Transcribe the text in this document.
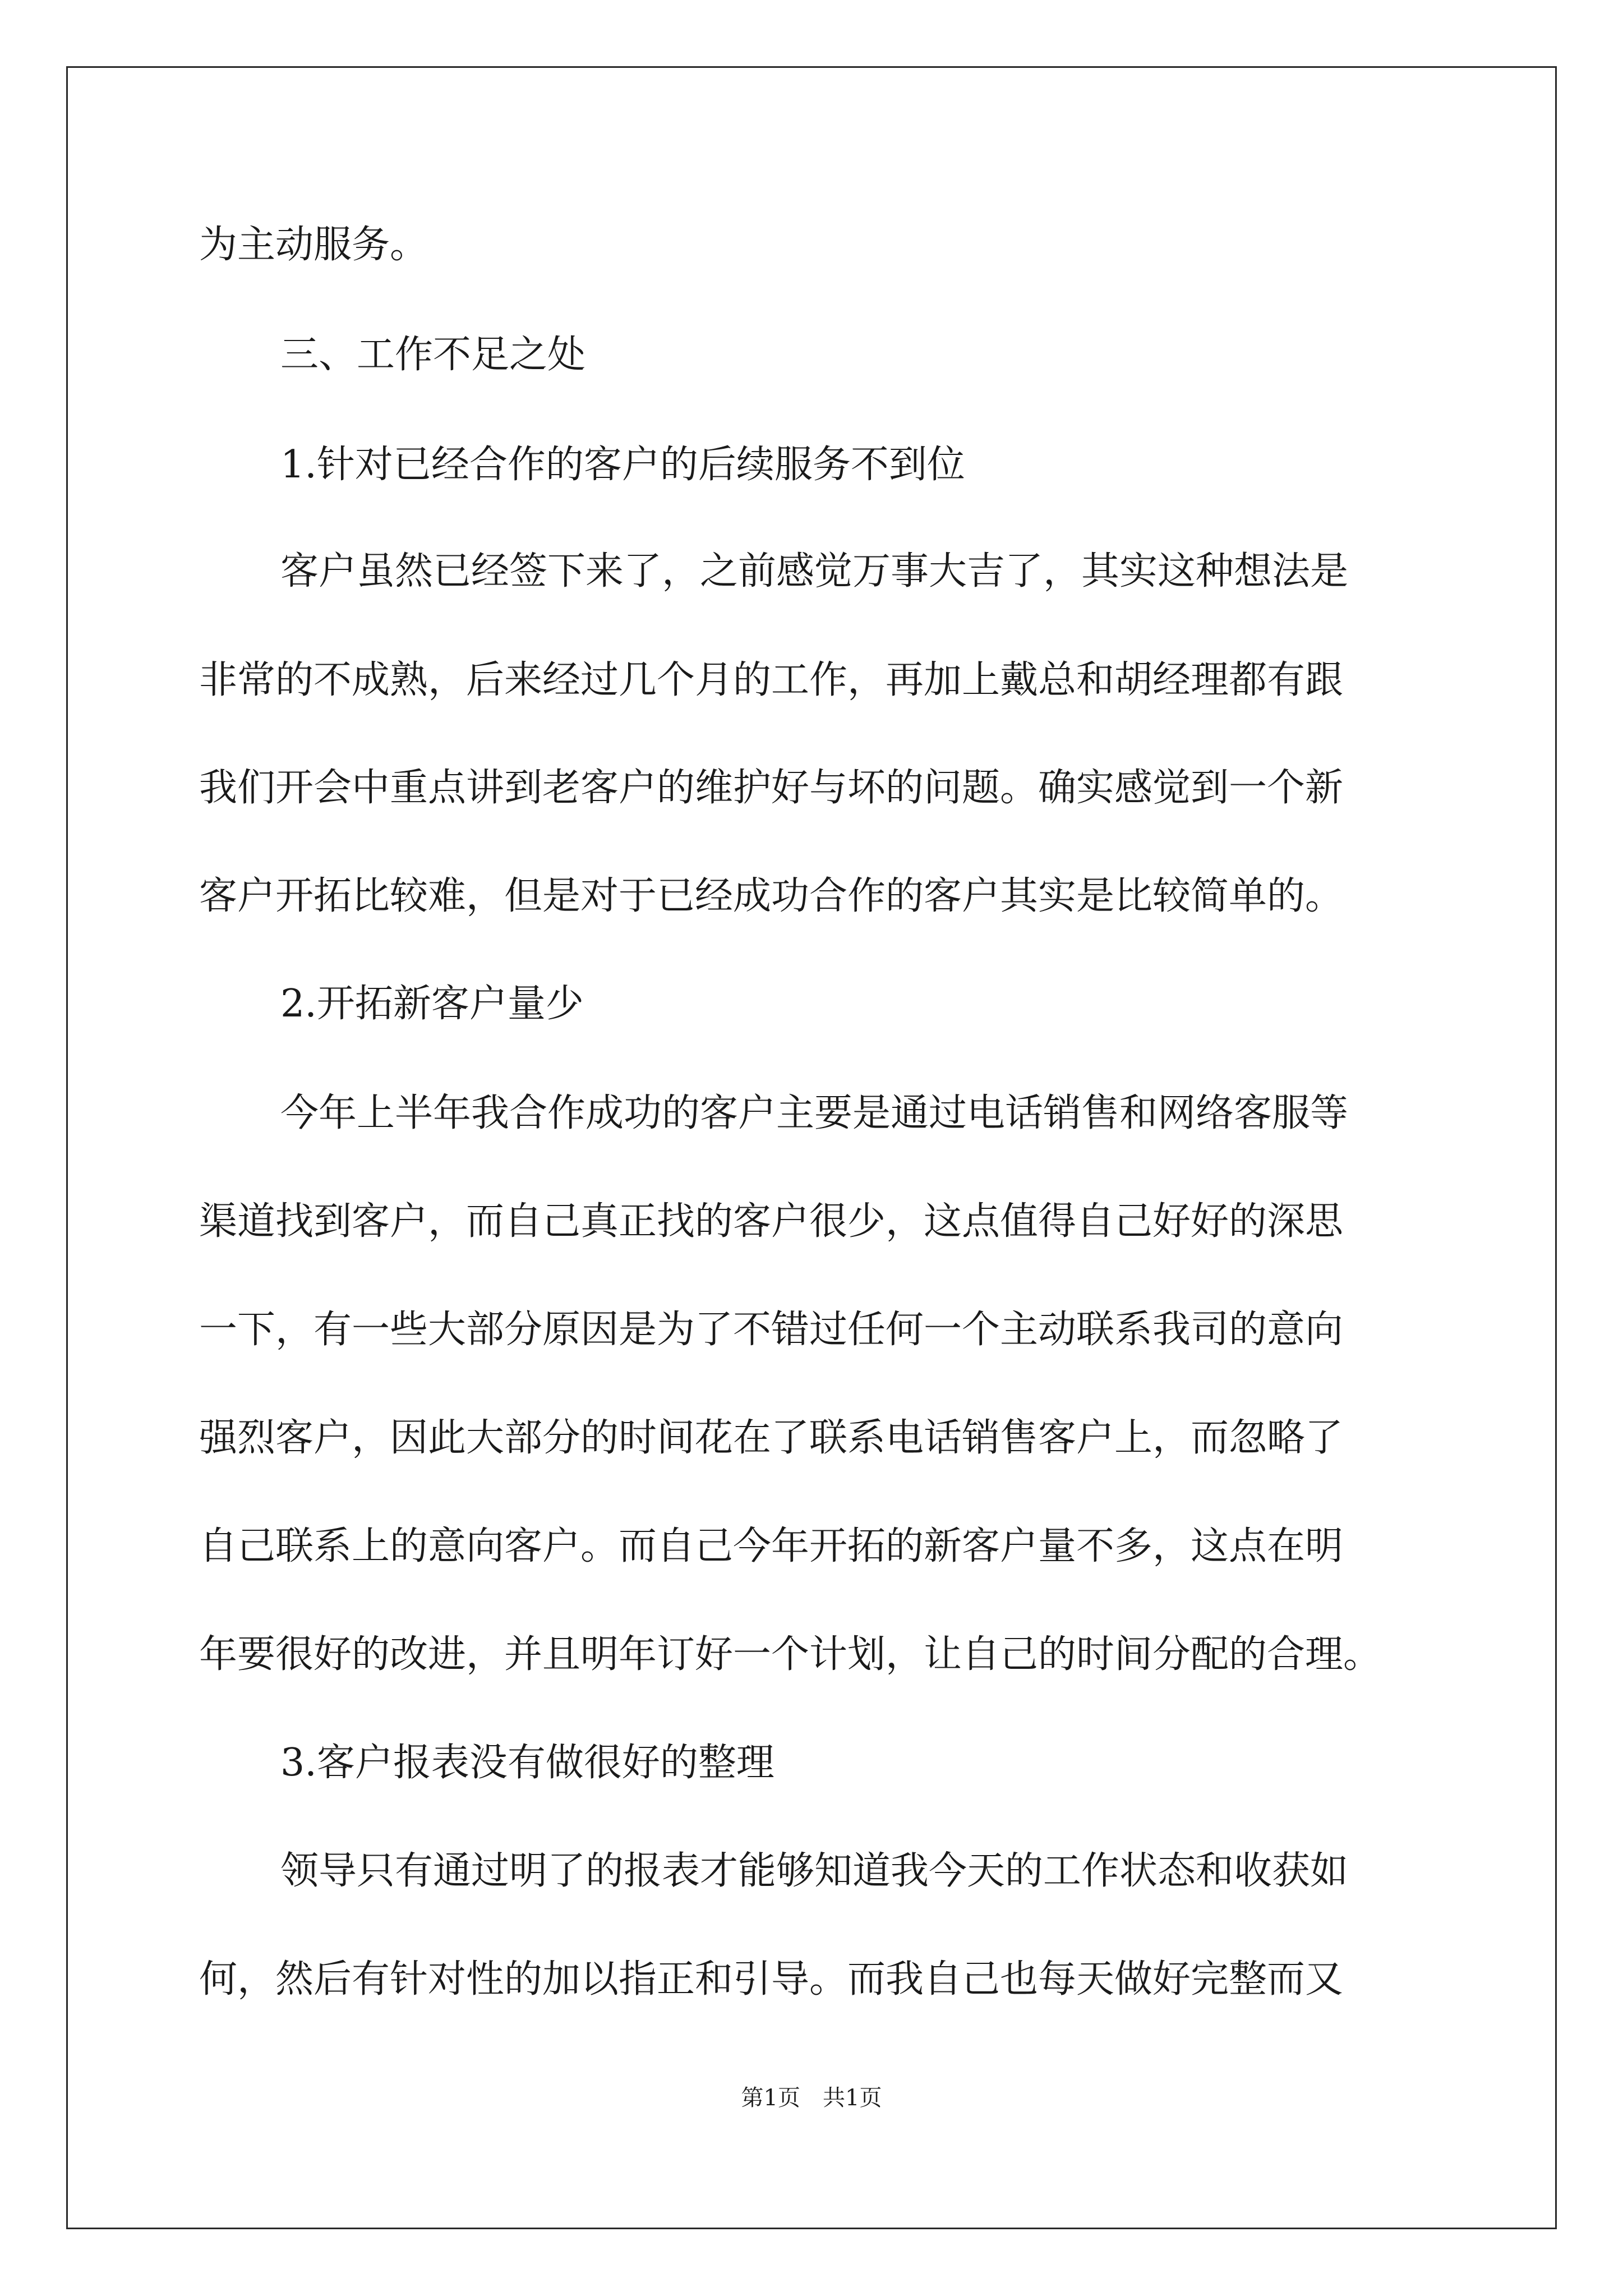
为主动服务。
三、工作不足之处
1.针对已经合作的客户的后续服务不到位
客户虽然已经签下来了，之前感觉万事大吉了，其实这种想法是
非常的不成熟，后来经过几个月的工作，再加上戴总和胡经理都有跟
我们开会中重点讲到老客户的维护好与坏的问题。确实感觉到一个新
客户开拓比较难，但是对于已经成功合作的客户其实是比较简单的。
2.开拓新客户量少
今年上半年我合作成功的客户主要是通过电话销售和网络客服等
渠道找到客户，而自己真正找的客户很少，这点值得自己好好的深思
一下，有一些大部分原因是为了不错过任何一个主动联系我司的意向
强烈客户，因此大部分的时间花在了联系电话销售客户上，而忽略了
自己联系上的意向客户。而自己今年开拓的新客户量不多，这点在明
年要很好的改进，并且明年订好一个计划，让自己的时间分配的合理。
3.客户报表没有做很好的整理
领导只有通过明了的报表才能够知道我今天的工作状态和收获如
何，然后有针对性的加以指正和引导。而我自己也每天做好完整而又
第1页　共1页
